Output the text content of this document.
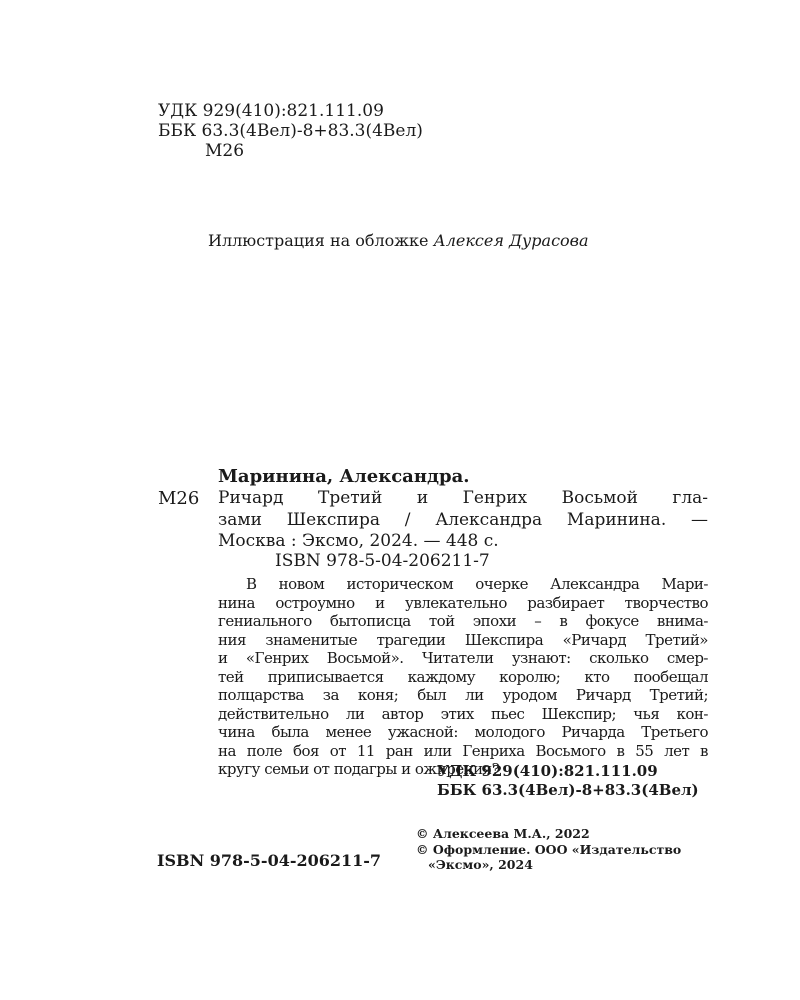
УДК 929(410):821.111.09
ББК 63.3(4Вел)-8+83.3(4Вел)
М26
Иллюстрация на обложке Алексея Дурасова
Маринина, Александра.
М26 Ричард Третий и Генрих Восьмой гла-
зами Шекспира / Александра Маринина. —
Москва : Эксмо, 2024. — 448 с.
ISBN 978-5-04-206211-7
В новом историческом очерке Александра Мари-
нина остроумно и увлекательно разбирает творчество
гениального бытописца той эпохи – в фокусе внима-
ния знаменитые трагедии Шекспира «Ричард Третий»
и «Генрих Восьмой». Читатели узнают: сколько смер-
тей приписывается каждому королю; кто пообещал
полцарства за коня; был ли уродом Ричард Третий;
действительно ли автор этих пьес Шекспир; чья кон-
чина была менее ужасной: молодого Ричарда Третьего
на поле боя от 11 ран или Генриха Восьмого в 55 лет в
кругу семьи от подагры и ожирения?
УДК 929(410):821.111.09
ББК 63.3(4Вел)-8+83.3(4Вел)
© Алексеева М.А., 2022
© Оформление. ООО «Издательство
«Эксмо», 2024
ISBN 978-5-04-206211-7
